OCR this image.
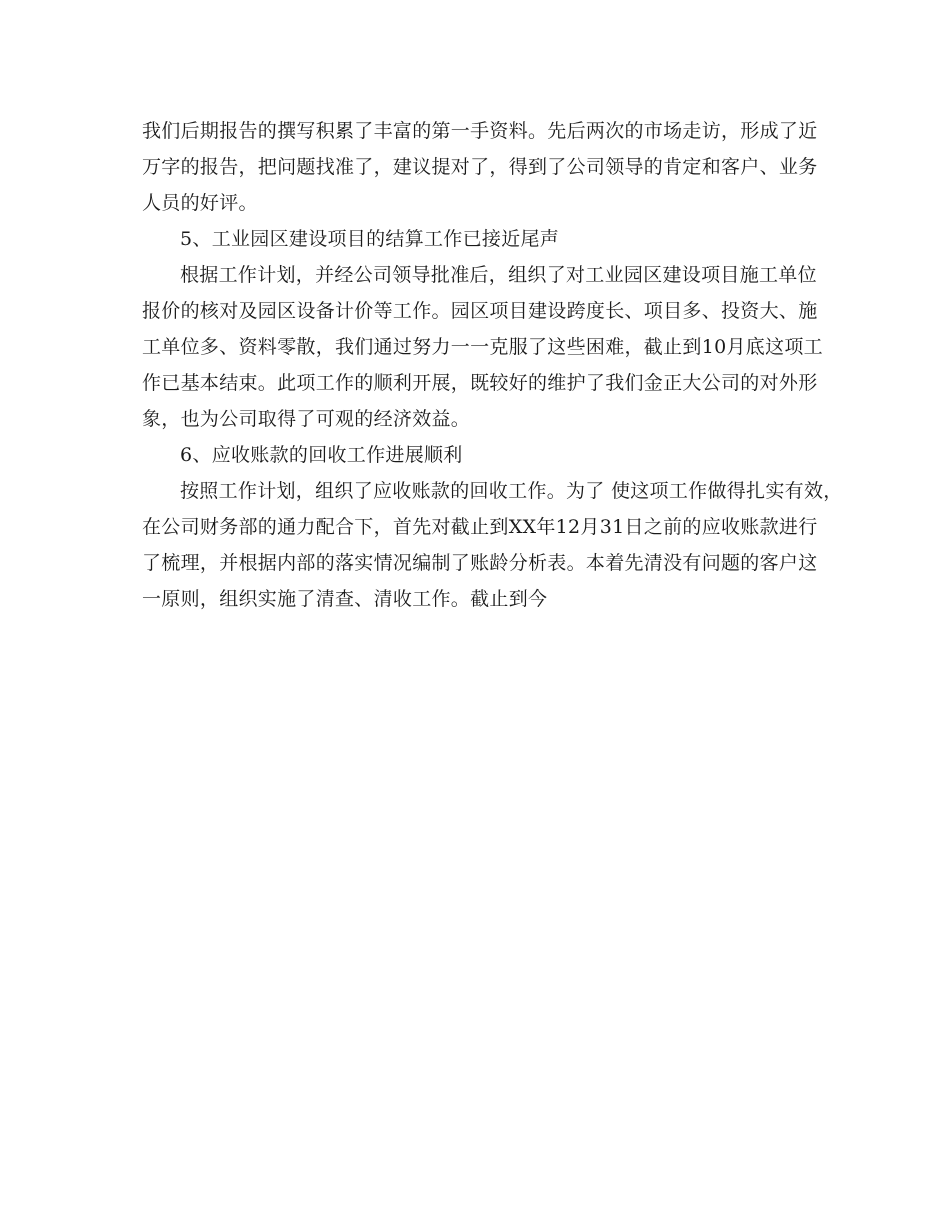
我们后期报告的撰写积累了丰富的第一手资料。先后两次的市场走访，形成了近
万字的报告，把问题找准了，建议提对了，得到了公司领导的肯定和客户、业务
人员的好评。
5、工业园区建设项目的结算工作已接近尾声
根据工作计划，并经公司领导批准后，组织了对工业园区建设项目施工单位
报价的核对及园区设备计价等工作。园区项目建设跨度长、项目多、投资大、施
工单位多、资料零散，我们通过努力一一克服了这些困难，截止到10月底这项工
作已基本结束。此项工作的顺利开展，既较好的维护了我们金正大公司的对外形
象，也为公司取得了可观的经济效益。
6、应收账款的回收工作进展顺利
按照工作计划，组织了应收账款的回收工作。为了 使这项工作做得扎实有效，
在公司财务部的通力配合下，首先对截止到XX年12月31日之前的应收账款进行
了梳理，并根据内部的落实情况编制了账龄分析表。本着先清没有问题的客户这
一原则，组织实施了清查、清收工作。截止到今
